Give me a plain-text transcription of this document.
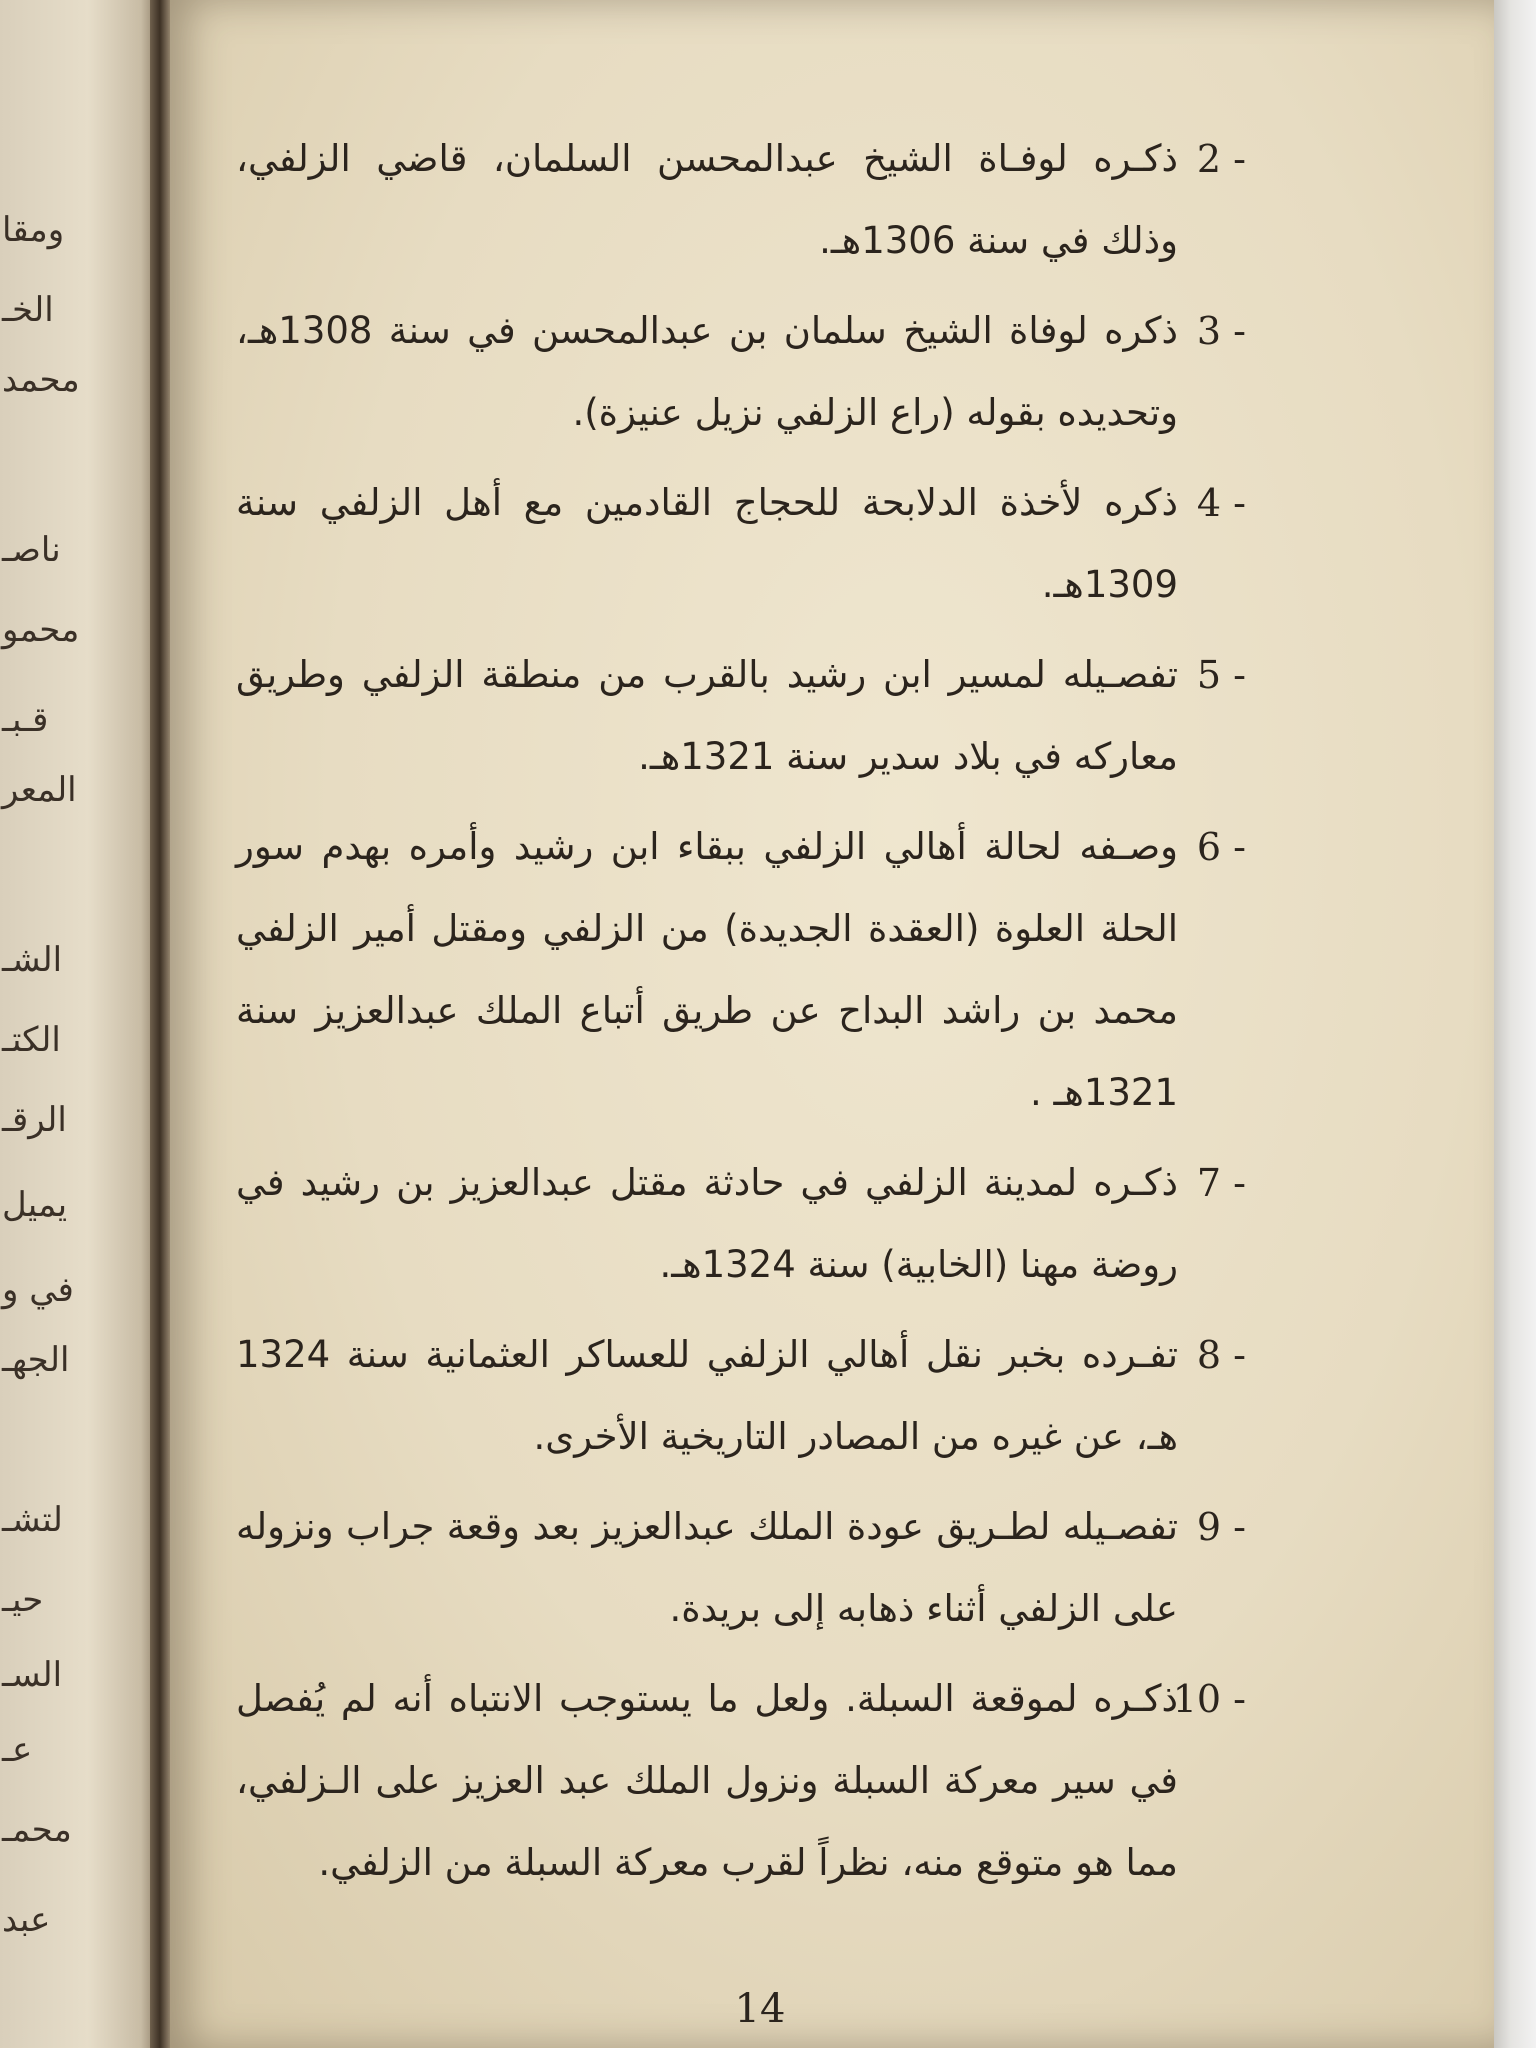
ومقا
الخـ
محمد
ناصـ
محمو
قـبـ
المعر
الشـ
الكتـ
الرقـ
يميل
في و
الجهـ
لتشـ
حيـ
السـ
عـ
محمـ
عبد
2 -
ذكـره لوفـاة الشيخ عبدالمحسن السلمان، قاضي الزلفي، وذلك في سنة 1306هـ.
3 -
ذكره لوفاة الشيخ سلمان بن عبدالمحسن في سنة 1308هـ، وتحديده بقوله (راع الزلفي نزيل عنيزة).
4 -
ذكره لأخذة الدلابحة للحجاج القادمين مع أهل الزلفي سنة 1309هـ.
5 -
تفصـيله لمسير ابن رشيد بالقرب من منطقة الزلفي وطريق معاركه في بلاد سدير سنة 1321هـ.
6 -
وصـفه لحالة أهالي الزلفي ببقاء ابن رشيد وأمره بهدم سور الحلة العلوة (العقدة الجديدة) من الزلفي ومقتل أمير الزلفي محمد بن راشد البداح عن طريق أتباع الملك عبدالعزيز سنة 1321هـ .
7 -
ذكـره لمدينة الزلفي في حادثة مقتل عبدالعزيز بن رشيد في روضة مهنا (الخابية) سنة 1324هـ.
8 -
تفـرده بخبر نقل أهالي الزلفي للعساكر العثمانية سنة 1324 هـ، عن غيره من المصادر التاريخية الأخرى.
9 -
تفصـيله لطـريق عودة الملك عبدالعزيز بعد وقعة جراب ونزوله على الزلفي أثناء ذهابه إلى بريدة.
10 -
ذكـره لموقعة السبلة. ولعل ما يستوجب الانتباه أنه لم يُفصل في سير معركة السبلة ونزول الملك عبد العزيز على الـزلفي، مما هو متوقع منه، نظراً لقرب معركة السبلة من الزلفي.
14
